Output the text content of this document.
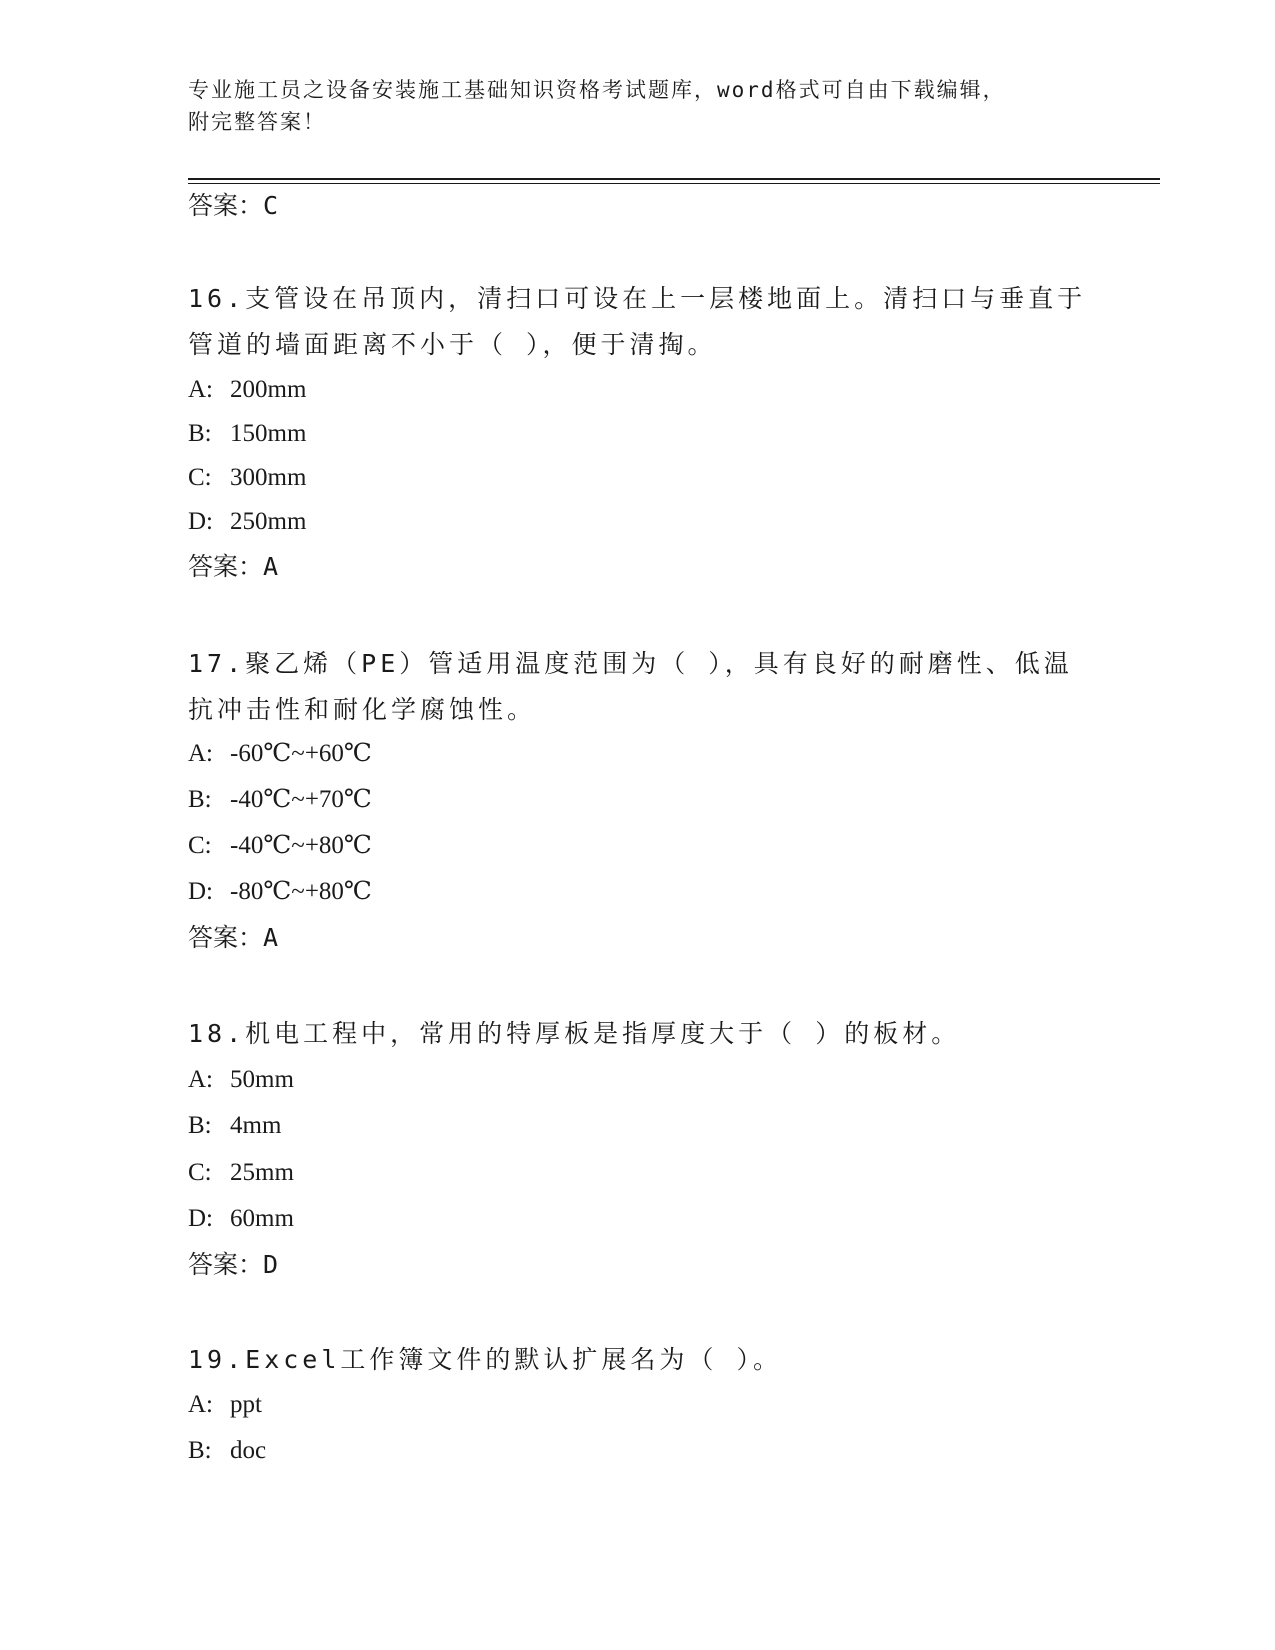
专业施工员之设备安装施工基础知识资格考试题库，word格式可自由下载编辑，
附完整答案！
答案：C
16.支管设在吊顶内，清扫口可设在上一层楼地面上。清扫口与垂直于
管道的墙面距离不小于（ ），便于清掏。
A: 200mm
B: 150mm
C: 300mm
D: 250mm
答案：A
17.聚乙烯（PE）管适用温度范围为（ ），具有良好的耐磨性、低温
抗冲击性和耐化学腐蚀性。
A: -60℃~+60℃
B: -40℃~+70℃
C: -40℃~+80℃
D: -80℃~+80℃
答案：A
18.机电工程中，常用的特厚板是指厚度大于（ ）的板材。
A: 50mm
B: 4mm
C: 25mm
D: 60mm
答案：D
19.Excel工作簿文件的默认扩展名为（ ）。
A: ppt
B: doc
